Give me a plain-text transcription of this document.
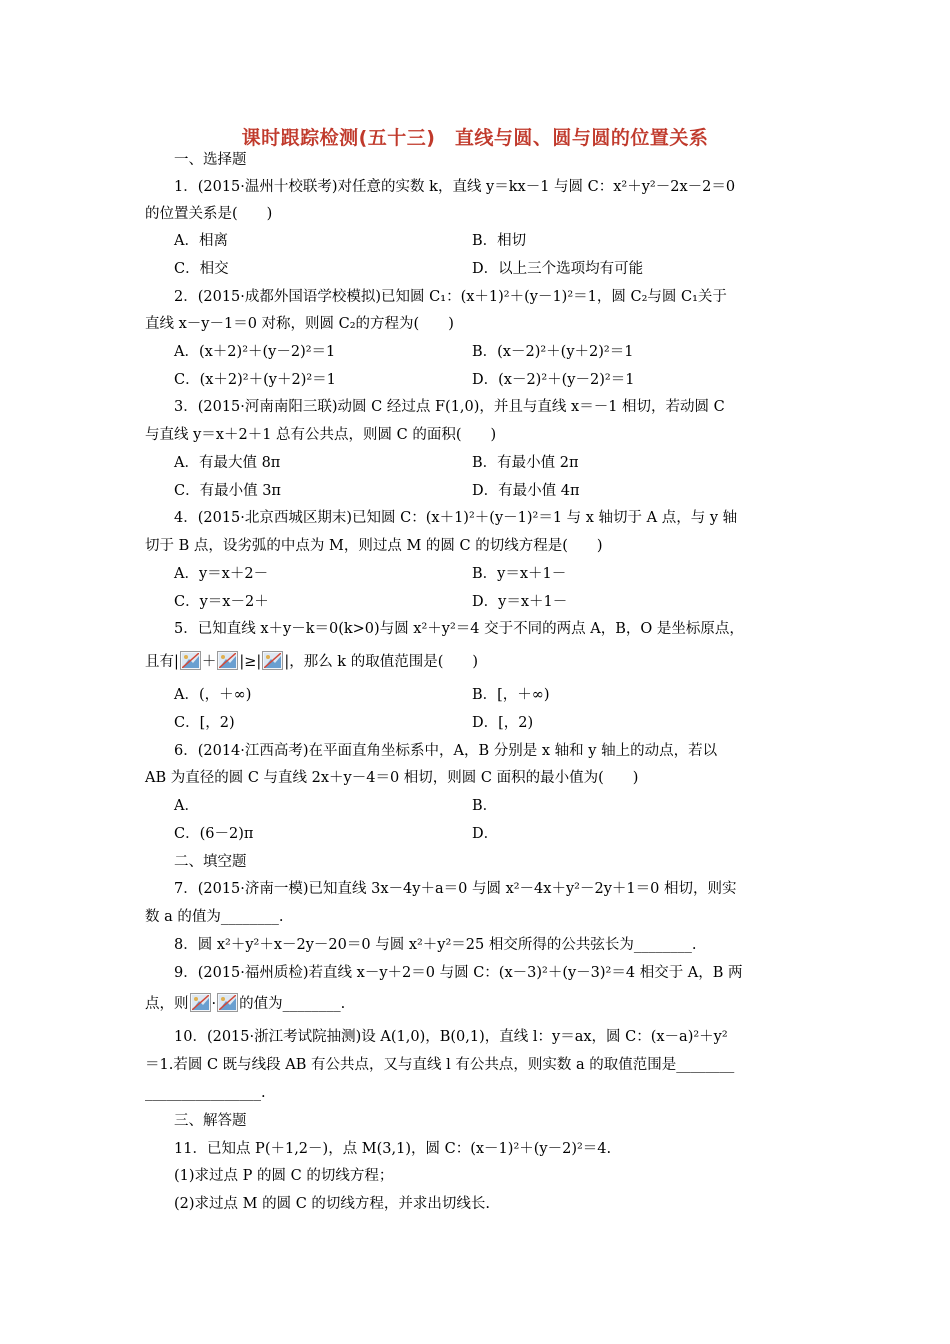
课时跟踪检测(五十三)　直线与圆、圆与圆的位置关系
一、选择题
1．(2015·温州十校联考)对任意的实数 k，直线 y＝kx－1 与圆 C：x²＋y²－2x－2＝0
的位置关系是(　　)
A．相离	B．相切
C．相交	D．以上三个选项均有可能
2．(2015·成都外国语学校模拟)已知圆 C₁：(x＋1)²＋(y－1)²＝1，圆 C₂与圆 C₁关于
直线 x－y－1＝0 对称，则圆 C₂的方程为(　　)
A．(x＋2)²＋(y－2)²＝1	B．(x－2)²＋(y＋2)²＝1
C．(x＋2)²＋(y＋2)²＝1	D．(x－2)²＋(y－2)²＝1
3．(2015·河南南阳三联)动圆 C 经过点 F(1,0)，并且与直线 x＝－1 相切，若动圆 C
与直线 y＝x＋2＋1 总有公共点，则圆 C 的面积(　　)
A．有最大值 8π	B．有最小值 2π
C．有最小值 3π	D．有最小值 4π
4．(2015·北京西城区期末)已知圆 C：(x＋1)²＋(y－1)²＝1 与 x 轴切于 A 点，与 y 轴
切于 B 点，设劣弧的中点为 M，则过点 M 的圆 C 的切线方程是(　　)
A．y＝x＋2－	B．y＝x＋1－
C．y＝x－2＋	D．y＝x＋1－
5．已知直线 x＋y－k＝0(k>0)与圆 x²＋y²＝4 交于不同的两点 A，B，O 是坐标原点，
且有| ＋ |≥| |，那么 k 的取值范围是(　　)
A．(，＋∞)	B．[，＋∞)
C．[，2)	D．[，2)
6．(2014·江西高考)在平面直角坐标系中，A，B 分别是 x 轴和 y 轴上的动点，若以
AB 为直径的圆 C 与直线 2x＋y－4＝0 相切，则圆 C 面积的最小值为(　　)
A．	B．
C．(6－2)π	D．
二、填空题
7．(2015·济南一模)已知直线 3x－4y＋a＝0 与圆 x²－4x＋y²－2y＋1＝0 相切，则实
数 a 的值为________.
8．圆 x²＋y²＋x－2y－20＝0 与圆 x²＋y²＝25 相交所得的公共弦长为________.
9．(2015·福州质检)若直线 x－y＋2＝0 与圆 C：(x－3)²＋(y－3)²＝4 相交于 A，B 两
点，则 · 的值为________.
10．(2015·浙江考试院抽测)设 A(1,0)，B(0,1)，直线 l：y＝ax，圆 C：(x－a)²＋y²
＝1.若圆 C 既与线段 AB 有公共点，又与直线 l 有公共点，则实数 a 的取值范围是________
________________.
三、解答题
11．已知点 P(＋1,2－)，点 M(3,1)，圆 C：(x－1)²＋(y－2)²＝4.
(1)求过点 P 的圆 C 的切线方程；
(2)求过点 M 的圆 C 的切线方程，并求出切线长.
